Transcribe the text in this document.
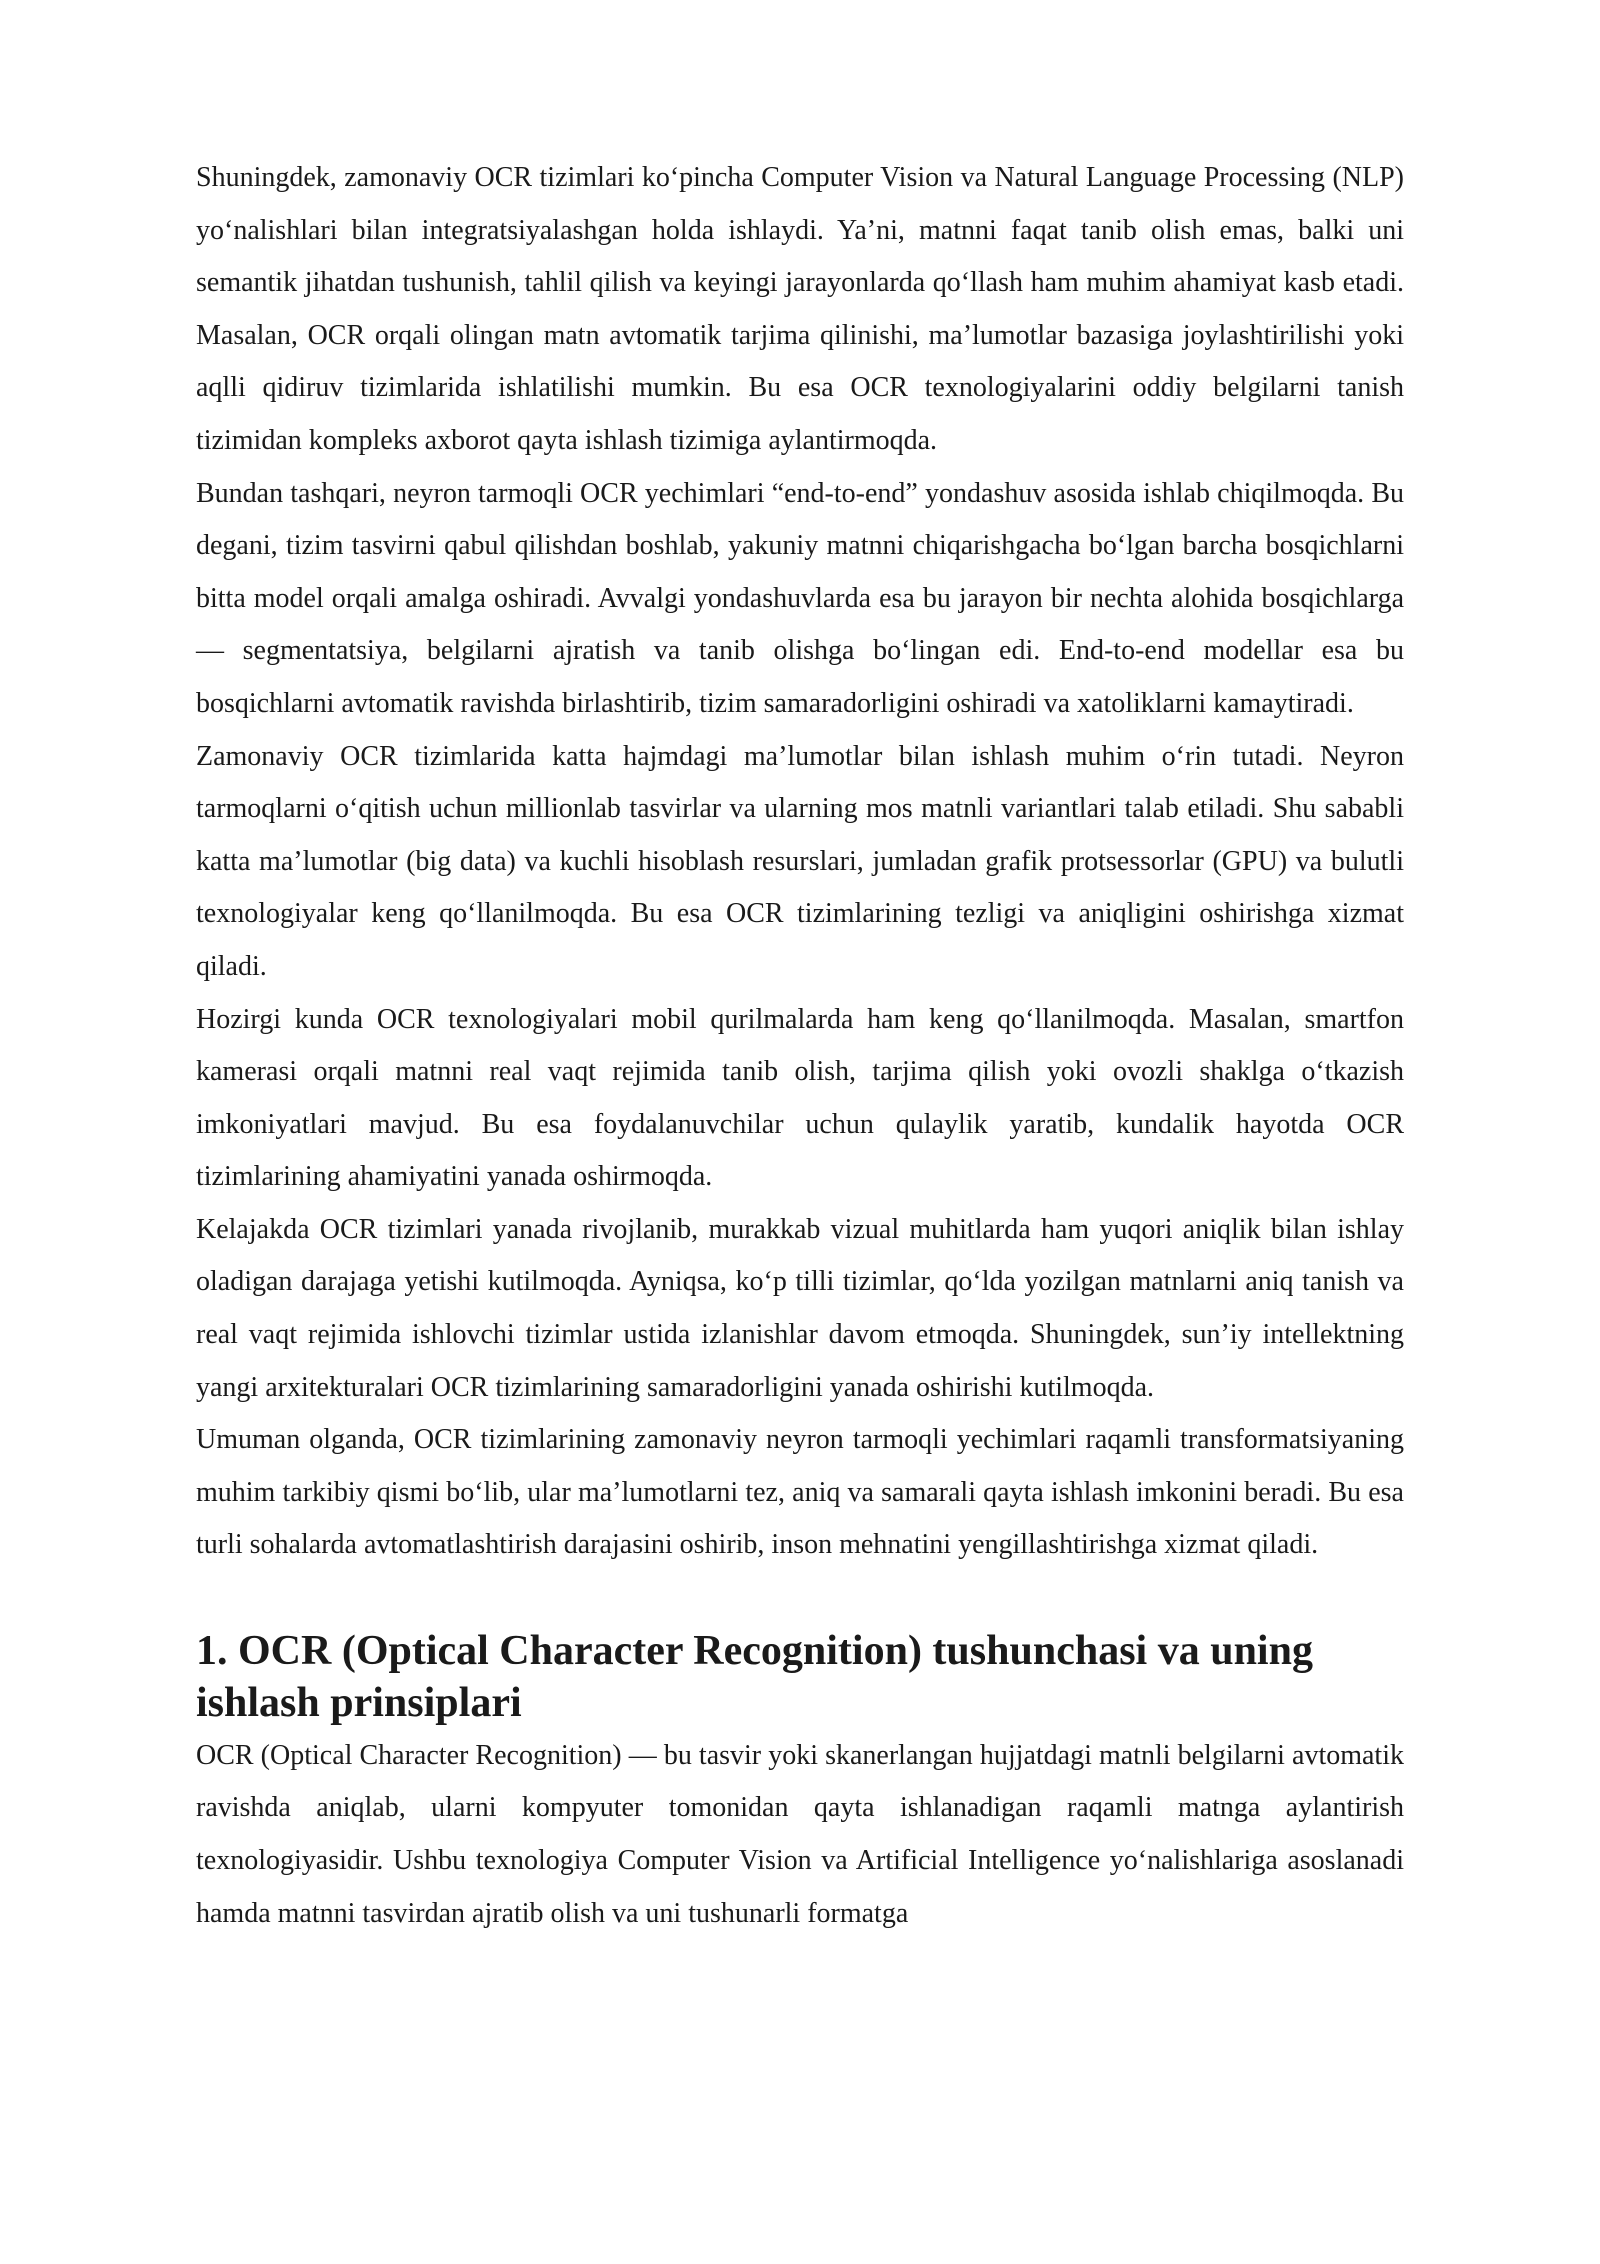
Shuningdek, zamonaviy OCR tizimlari ko‘pincha Computer Vision va Natural Language Processing (NLP) yo‘nalishlari bilan integratsiyalashgan holda ishlaydi. Ya’ni, matnni faqat tanib olish emas, balki uni semantik jihatdan tushunish, tahlil qilish va keyingi jarayonlarda qo‘llash ham muhim ahamiyat kasb etadi. Masalan, OCR orqali olingan matn avtomatik tarjima qilinishi, ma’lumotlar bazasiga joylashtirilishi yoki aqlli qidiruv tizimlarida ishlatilishi mumkin. Bu esa OCR texnologiyalarini oddiy belgilarni tanish tizimidan kompleks axborot qayta ishlash tizimiga aylantirmoqda.

Bundan tashqari, neyron tarmoqli OCR yechimlari “end-to-end” yondashuv asosida ishlab chiqilmoqda. Bu degani, tizim tasvirni qabul qilishdan boshlab, yakuniy matnni chiqarishgacha bo‘lgan barcha bosqichlarni bitta model orqali amalga oshiradi. Avvalgi yondashuvlarda esa bu jarayon bir nechta alohida bosqichlarga — segmentatsiya, belgilarni ajratish va tanib olishga bo‘lingan edi. End-to-end modellar esa bu bosqichlarni avtomatik ravishda birlashtirib, tizim samaradorligini oshiradi va xatoliklarni kamaytiradi.

Zamonaviy OCR tizimlarida katta hajmdagi ma’lumotlar bilan ishlash muhim o‘rin tutadi. Neyron tarmoqlarni o‘qitish uchun millionlab tasvirlar va ularning mos matnli variantlari talab etiladi. Shu sababli katta ma’lumotlar (big data) va kuchli hisoblash resurslari, jumladan grafik protsessorlar (GPU) va bulutli texnologiyalar keng qo‘llanilmoqda. Bu esa OCR tizimlarining tezligi va aniqligini oshirishga xizmat qiladi.

Hozirgi kunda OCR texnologiyalari mobil qurilmalarda ham keng qo‘llanilmoqda. Masalan, smartfon kamerasi orqali matnni real vaqt rejimida tanib olish, tarjima qilish yoki ovozli shaklga o‘tkazish imkoniyatlari mavjud. Bu esa foydalanuvchilar uchun qulaylik yaratib, kundalik hayotda OCR tizimlarining ahamiyatini yanada oshirmoqda.

Kelajakda OCR tizimlari yanada rivojlanib, murakkab vizual muhitlarda ham yuqori aniqlik bilan ishlay oladigan darajaga yetishi kutilmoqda. Ayniqsa, ko‘p tilli tizimlar, qo‘lda yozilgan matnlarni aniq tanish va real vaqt rejimida ishlovchi tizimlar ustida izlanishlar davom etmoqda. Shuningdek, sun’iy intellektning yangi arxitekturalari OCR tizimlarining samaradorligini yanada oshirishi kutilmoqda.

Umuman olganda, OCR tizimlarining zamonaviy neyron tarmoqli yechimlari raqamli transformatsiyaning muhim tarkibiy qismi bo‘lib, ular ma’lumotlarni tez, aniq va samarali qayta ishlash imkonini beradi. Bu esa turli sohalarda avtomatlashtirish darajasini oshirib, inson mehnatini yengillashtirishga xizmat qiladi.

1. OCR (Optical Character Recognition) tushunchasi va uning ishlash prinsiplari

OCR (Optical Character Recognition) — bu tasvir yoki skanerlangan hujjatdagi matnli belgilarni avtomatik ravishda aniqlab, ularni kompyuter tomonidan qayta ishlanadigan raqamli matnga aylantirish texnologiyasidir. Ushbu texnologiya Computer Vision va Artificial Intelligence yo‘nalishlariga asoslanadi hamda matnni tasvirdan ajratib olish va uni tushunarli formatga
